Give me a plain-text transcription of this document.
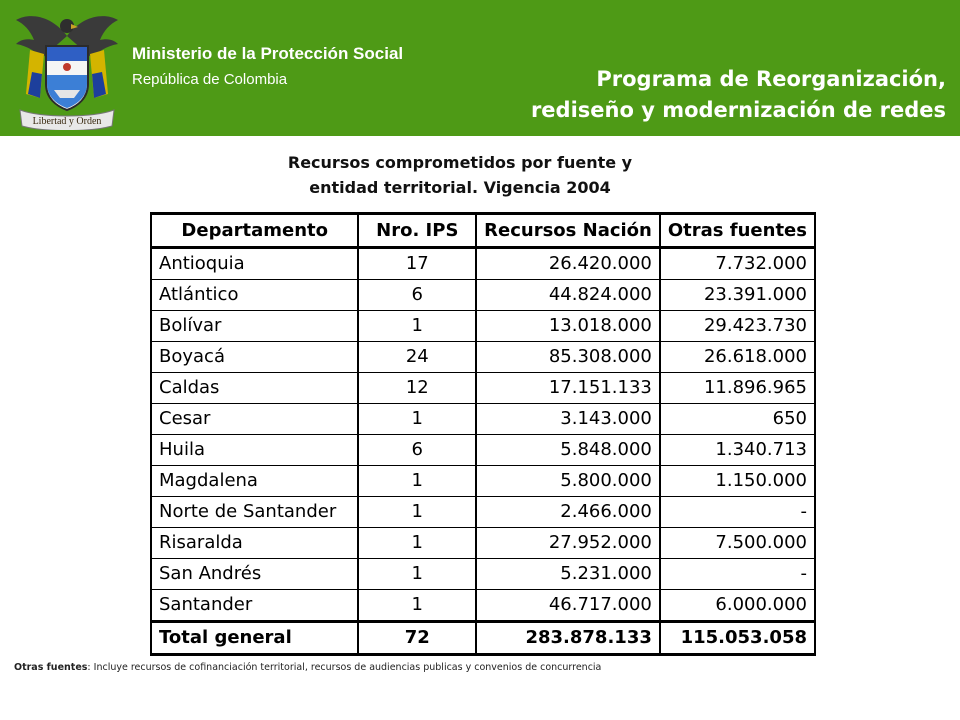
Libertad y Orden
Ministerio de la Protección Social
República de Colombia	Programa de Reorganización,
rediseño y modernización de redes
Recursos comprometidos por fuente y
entidad territorial. Vigencia 2004
Departamento	Nro. IPS	Recursos Nación	Otras fuentes
Antioquia	17	26.420.000	7.732.000
Atlántico	6	44.824.000	23.391.000
Bolívar	1	13.018.000	29.423.730
Boyacá	24	85.308.000	26.618.000
Caldas	12	17.151.133	11.896.965
Cesar	1	3.143.000	650
Huila	6	5.848.000	1.340.713
Magdalena	1	5.800.000	1.150.000
Norte de Santander	1	2.466.000	-
Risaralda	1	27.952.000	7.500.000
San Andrés	1	5.231.000	-
Santander	1	46.717.000	6.000.000
Total general	72	283.878.133	115.053.058
Otras fuentes: Incluye recursos de cofinanciación territorial, recursos de audiencias publicas y convenios de concurrencia
